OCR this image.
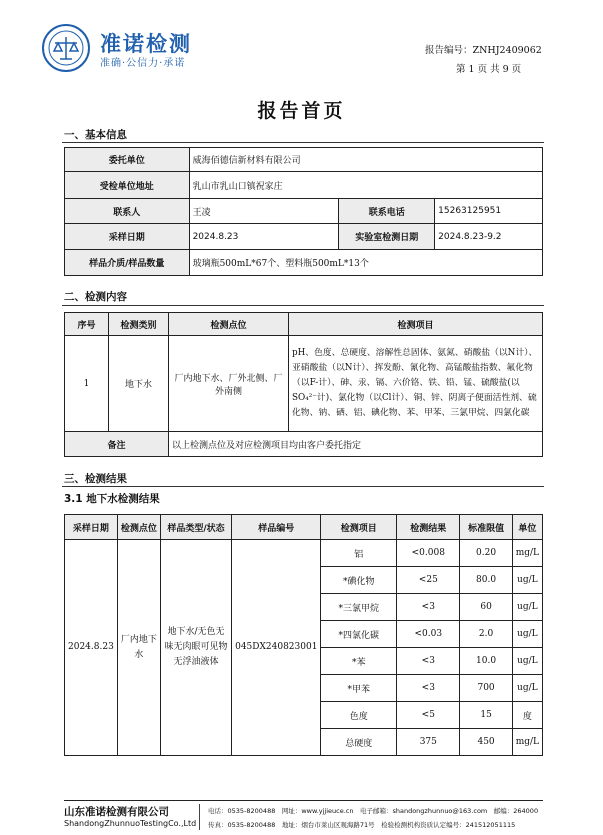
准诺检测
准确·公信力·承诺
报告编号：ZNHJ2409062
第 1 页 共 9 页
报告首页
一、基本信息
委托单位	威海佰德信新材料有限公司		
受检单位地址	乳山市乳山口镇祝家庄		
联系人	王凌	联系电话	15263125951
采样日期	2024.8.23	实验室检测日期	2024.8.23-9.2
样品介质/样品数量	玻璃瓶500mL*67个、塑料瓶500mL*13个		
二、检测内容
序号	检测类别	检测点位	检测项目
1	地下水	厂内地下水、厂外北侧、厂外南侧	pH、色度、总硬度、溶解性总固体、氨氮、硝酸盐（以N计）、亚硝酸盐（以N计）、挥发酚、氰化物、高锰酸盐指数、氟化物（以F-计）、砷、汞、镉、六价铬、铁、铅、锰、硫酸盐(以SO₄²⁻计)、氯化物（以Cl计）、铜、锌、阴离子便面活性剂、硫化物、钠、硒、铝、碘化物、苯、甲苯、三氯甲烷、四氯化碳
备注		以上检测点位及对应检测项目均由客户委托指定	
三、检测结果
3.1 地下水检测结果
采样日期	检测点位	样品类型/状态	样品编号	检测项目	检测结果	标准限值	单位
2024.8.23	厂内地下水	地下水/无色无味无肉眼可见物无浮油液体	045DX240823001	铝	<0.008	0.20	mg/L
				*碘化物	<25	80.0	ug/L
				*三氯甲烷	<3	60	ug/L
				*四氯化碳	<0.03	2.0	ug/L
				*苯	<3	10.0	ug/L
				*甲苯	<3	700	ug/L
				色度	<5	15	度
				总硬度	375	450	mg/L
山东准诺检测有限公司
ShandongZhunnuoTestingCo.,Ltd
电话：0535-8200488　网址：www.yjjieuce.cn　电子邮箱：shandongzhunnuo@163.com　邮编：264000
传真：0535-8200488　地址：烟台市莱山区观海路71号　检验检测机构资质认定编号：241512051115
